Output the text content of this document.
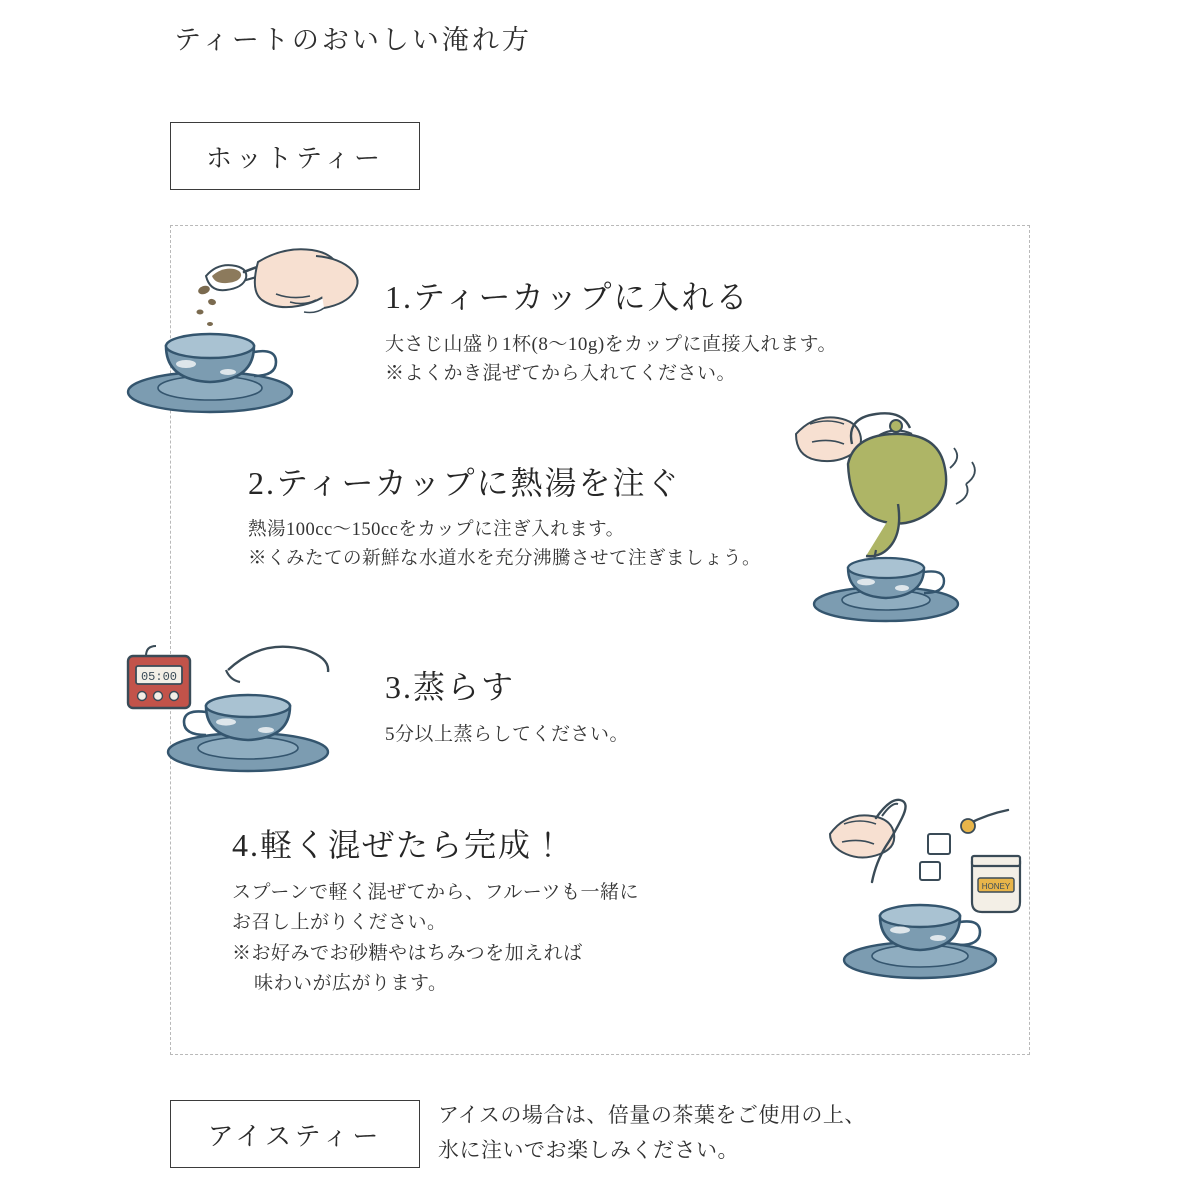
ティートのおいしい淹れ方
ホットティー
1.ティーカップに入れる
大さじ山盛り1杯(8〜10g)をカップに直接入れます。
※よくかき混ぜてから入れてください。
2.ティーカップに熱湯を注ぐ
熱湯100cc〜150ccをカップに注ぎ入れます。
※くみたての新鮮な水道水を充分沸騰させて注ぎましょう。
05:00	3.蒸らす
5分以上蒸らしてください。
HONEY
4.軽く混ぜたら完成！
スプーンで軽く混ぜてから、フルーツも一緒に
お召し上がりください。
※お好みでお砂糖やはちみつを加えれば
味わいが広がります。
アイスティー
アイスの場合は、倍量の茶葉をご使用の上、
氷に注いでお楽しみください。
